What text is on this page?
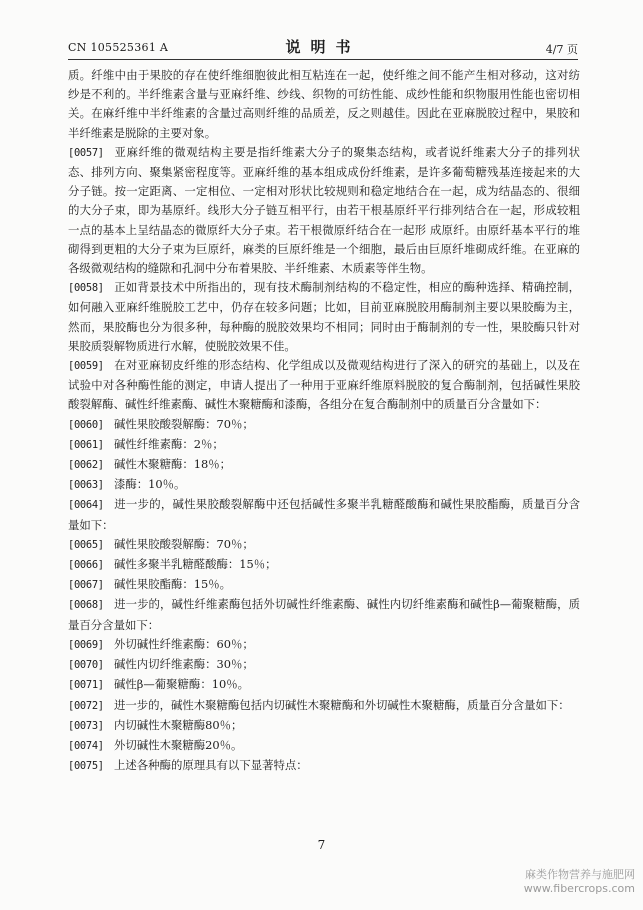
CN 105525361 A	说明书	4/7 页

质。纤维中由于果胶的存在使纤维细胞彼此相互粘连在一起，使纤维之间不能产生相对移动，这对纺纱是不利的。半纤维素含量与亚麻纤维、纱线、织物的可纺性能、成纱性能和织物服用性能也密切相关。在麻纤维中半纤维素的含量过高则纤维的品质差，反之则越佳。因此在亚麻脱胶过程中，果胶和半纤维素是脱除的主要对象。

[0057] 亚麻纤维的微观结构主要是指纤维素大分子的聚集态结构，或者说纤维素大分子的排列状态、排列方向、聚集紧密程度等。亚麻纤维的基本组成成份纤维素，是许多葡萄糖残基连接起来的大分子链。按一定距离、一定相位、一定相对形状比较规则和稳定地结合在一起，成为结晶态的、很细的大分子束，即为基原纤。线形大分子链互相平行，由若干根基原纤平行排列结合在一起，形成较粗一点的基本上呈结晶态的微原纤大分子束。若干根微原纤结合在一起形 成原纤。由原纤基本平行的堆砌得到更粗的大分子束为巨原纤，麻类的巨原纤维是一个细胞，最后由巨原纤堆砌成纤维。在亚麻的各级微观结构的缝隙和孔洞中分布着果胶、半纤维素、木质素等伴生物。

[0058] 正如背景技术中所指出的，现有技术酶制剂结构的不稳定性，相应的酶种选择、精确控制，如何融入亚麻纤维脱胶工艺中，仍存在较多问题；比如，目前亚麻脱胶用酶制剂主要以果胶酶为主，然而，果胶酶也分为很多种，每种酶的脱胶效果均不相同；同时由于酶制剂的专一性，果胶酶只针对果胶质裂解物质进行水解，使脱胶效果不佳。

[0059] 在对亚麻韧皮纤维的形态结构、化学组成以及微观结构进行了深入的研究的基础上，以及在试验中对各种酶性能的测定，申请人提出了一种用于亚麻纤维原料脱胶的复合酶制剂，包括碱性果胶酸裂解酶、碱性纤维素酶、碱性木聚糖酶和漆酶，各组分在复合酶制剂中的质量百分含量如下：

[0060] 碱性果胶酸裂解酶：70％；

[0061] 碱性纤维素酶：2％；

[0062] 碱性木聚糖酶：18％；

[0063] 漆酶：10％。

[0064] 进一步的，碱性果胶酸裂解酶中还包括碱性多聚半乳糖醛酸酶和碱性果胶酯酶，质量百分含量如下：

[0065] 碱性果胶酸裂解酶：70％；

[0066] 碱性多聚半乳糖醛酸酶：15％；

[0067] 碱性果胶酯酶：15％。

[0068] 进一步的，碱性纤维素酶包括外切碱性纤维素酶、碱性内切纤维素酶和碱性β—葡聚糖酶，质量百分含量如下：

[0069] 外切碱性纤维素酶：60％；

[0070] 碱性内切纤维素酶：30％；

[0071] 碱性β—葡聚糖酶：10％。

[0072] 进一步的，碱性木聚糖酶包括内切碱性木聚糖酶和外切碱性木聚糖酶，质量百分含量如下：

[0073] 内切碱性木聚糖酶80％；

[0074] 外切碱性木聚糖酶20％。

[0075] 上述各种酶的原理具有以下显著特点：

7
麻类作物营养与施肥网
www.fibercrops.com
